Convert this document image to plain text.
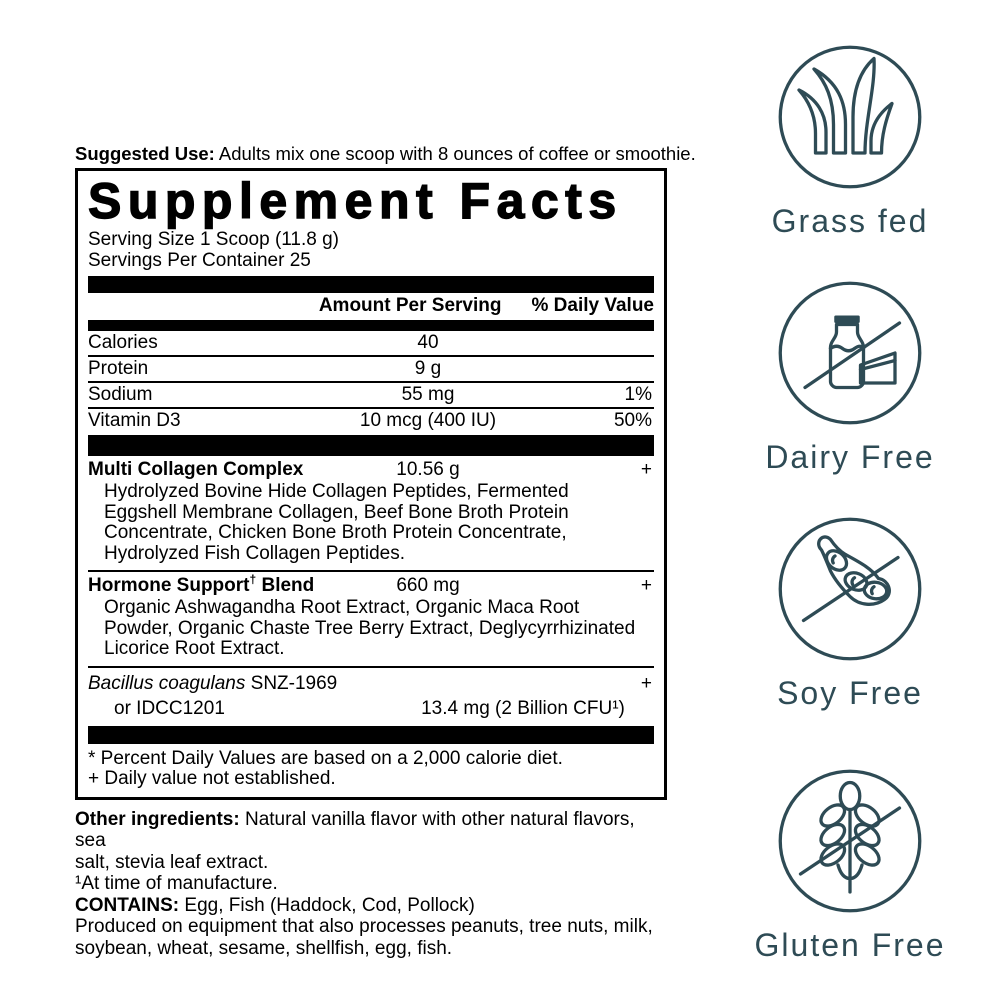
Suggested Use: Adults mix one scoop with 8 ounces of coffee or smoothie.

Supplement Facts
Serving Size 1 Scoop (11.8 g)
Servings Per Container 25
Amount Per Serving % Daily Value
Calories	40
Protein	9 g
Sodium	55 mg	1%
Vitamin D3	10 mcg (400 IU)	50%
Multi Collagen Complex	10.56 g	+
Hydrolyzed Bovine Hide Collagen Peptides, Fermented
Eggshell Membrane Collagen, Beef Bone Broth Protein
Concentrate, Chicken Bone Broth Protein Concentrate,
Hydrolyzed Fish Collagen Peptides.
Hormone Support† Blend	660 mg	+
Organic Ashwagandha Root Extract, Organic Maca Root
Powder, Organic Chaste Tree Berry Extract, Deglycyrrhizinated
Licorice Root Extract.
Bacillus coagulans SNZ-1969	+
or IDCC1201	13.4 mg (2 Billion CFU¹)

* Percent Daily Values are based on a 2,000 calorie diet.

+ Daily value not established.

Other ingredients: Natural vanilla flavor with other natural flavors, sea

salt, stevia leaf extract.

¹At time of manufacture.

CONTAINS: Egg, Fish (Haddock, Cod, Pollock)

Produced on equipment that also processes peanuts, tree nuts, milk,

soybean, wheat, sesame, shellfish, egg, fish.

Grass fed
Dairy Free
Soy Free
Gluten Free
